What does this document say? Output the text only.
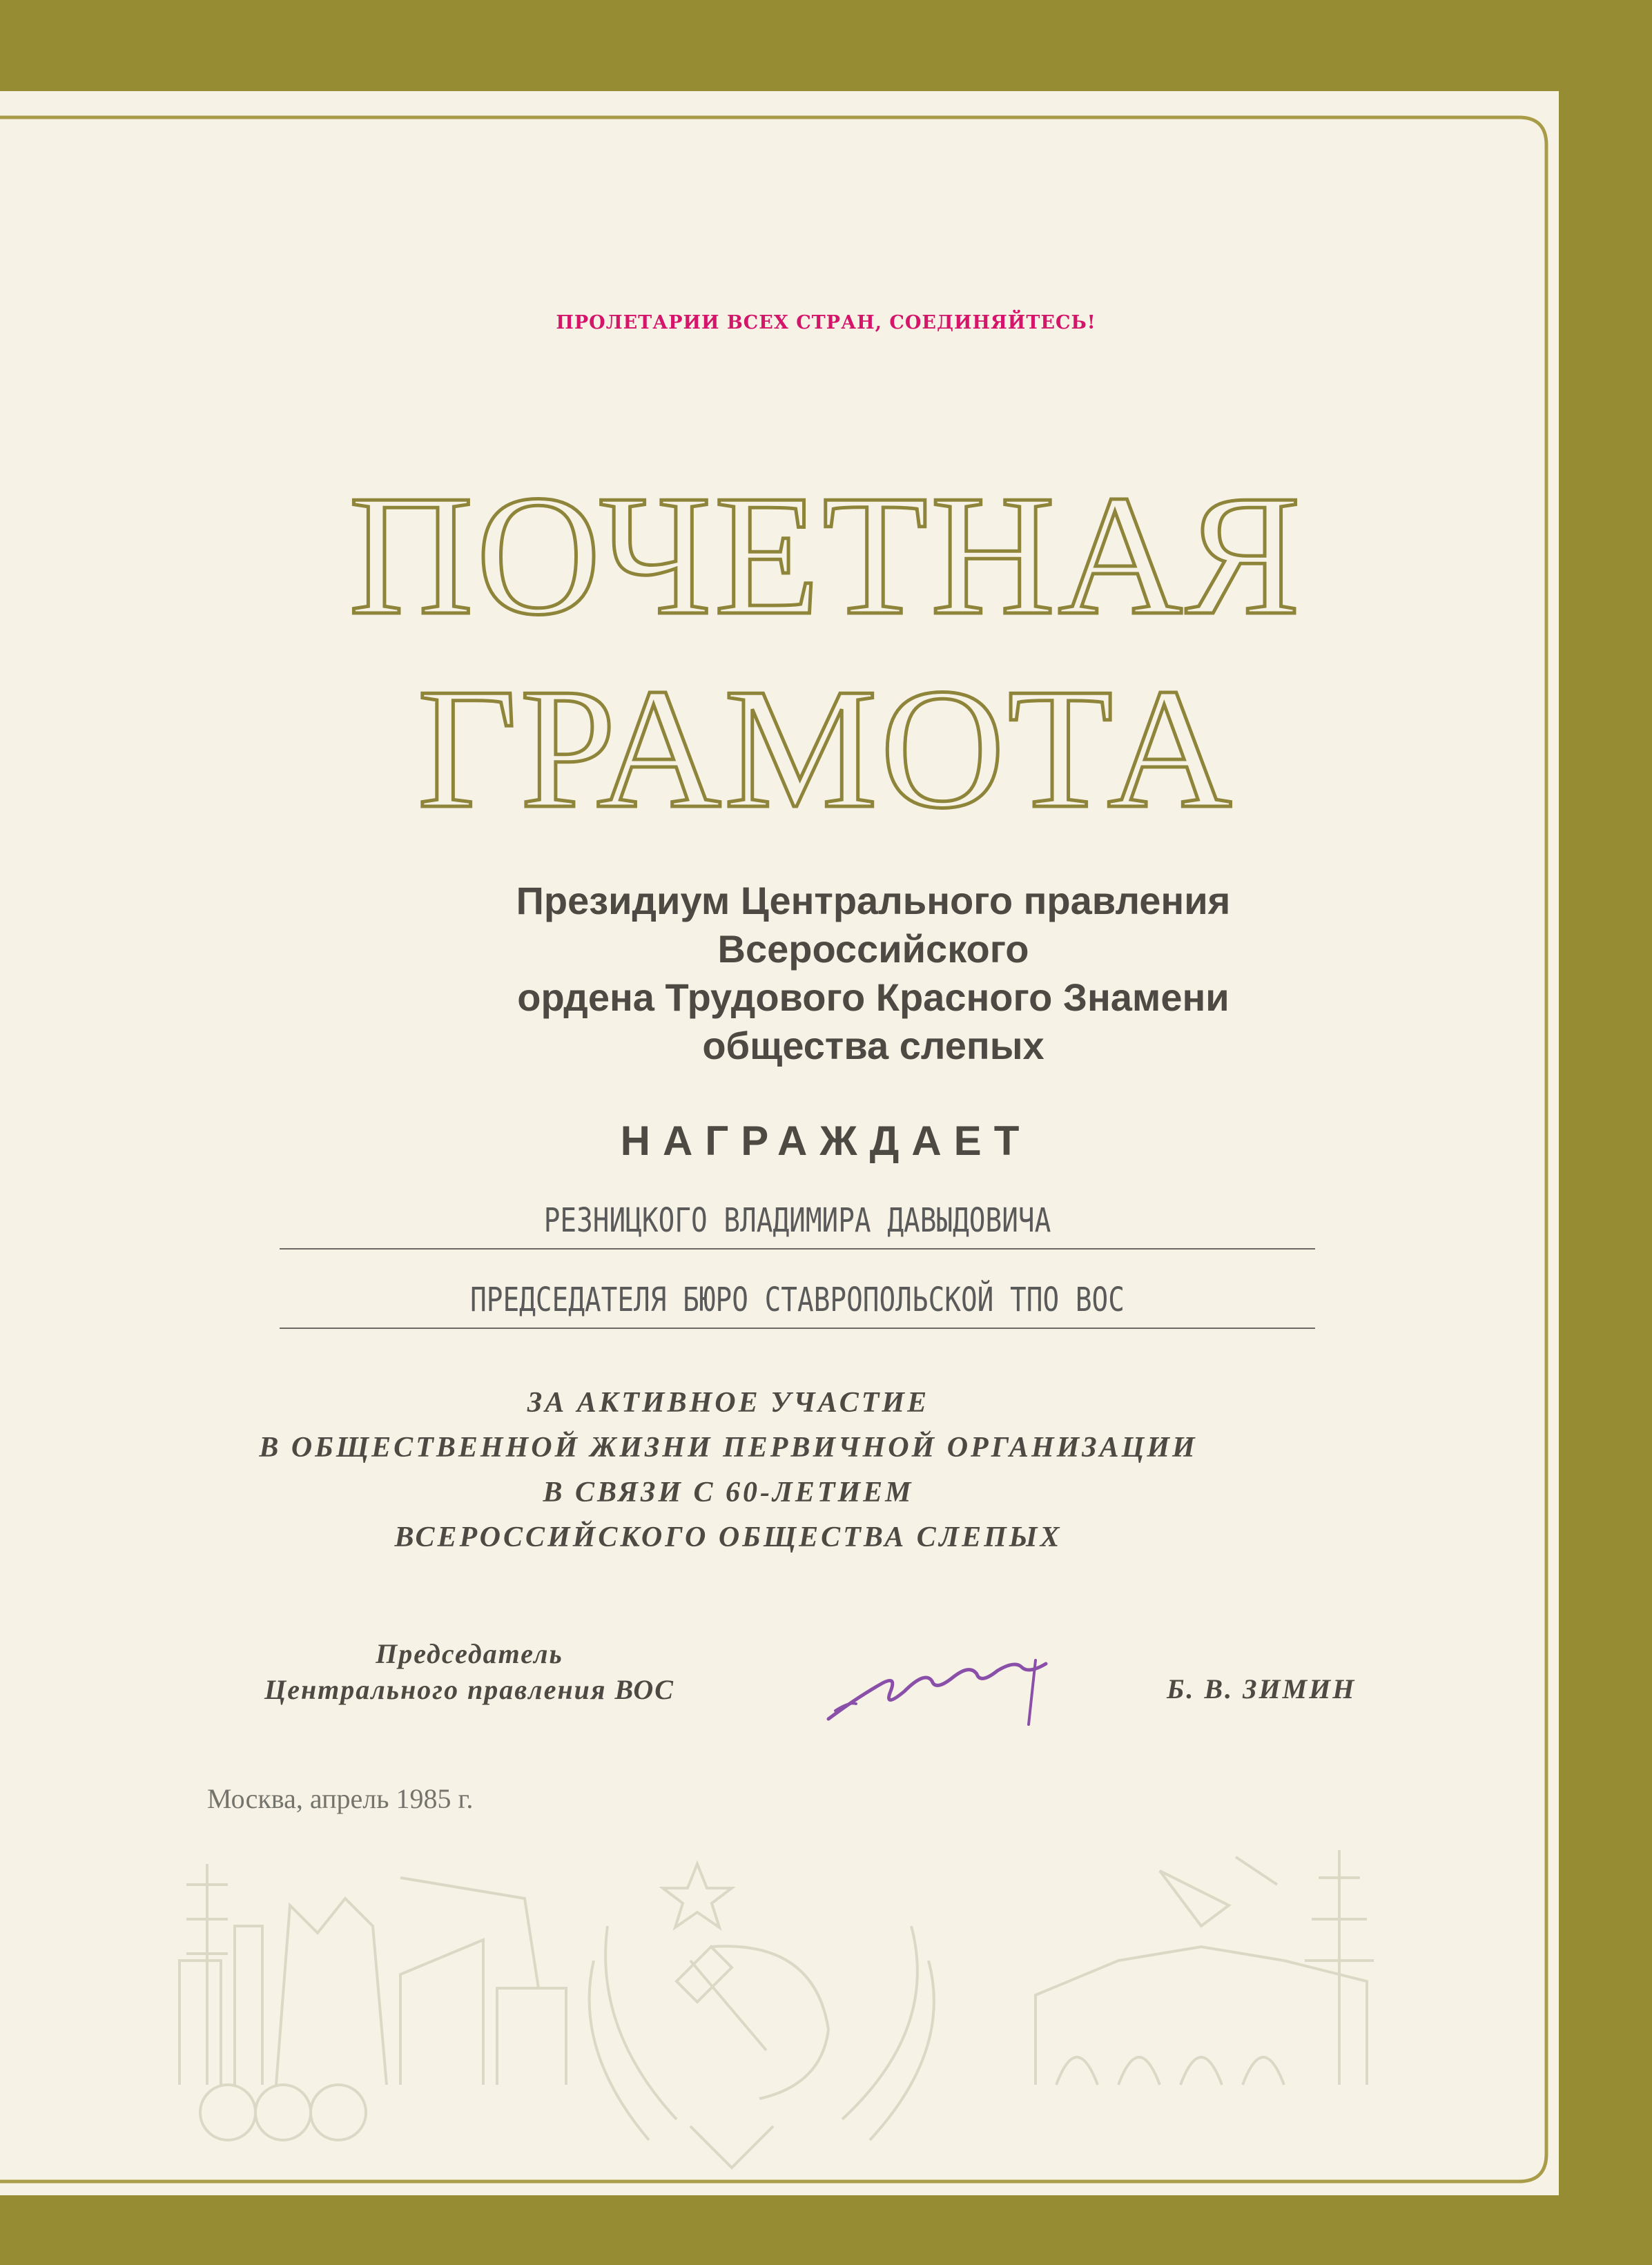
ПРОЛЕТАРИИ ВСЕХ СТРАН, СОЕДИНЯЙТЕСЬ!
ПОЧЕТНАЯ
ГРАМОТА
Президиум Центрального правления
Всероссийского
ордена Трудового Красного Знамени
общества слепых
НАГРАЖДАЕТ
РЕЗНИЦКОГО ВЛАДИМИРА ДАВЫДОВИЧА
ПРЕДСЕДАТЕЛЯ БЮРО СТАВРОПОЛЬСКОЙ ТПО ВОС
ЗА АКТИВНОЕ УЧАСТИЕ
В ОБЩЕСТВЕННОЙ ЖИЗНИ ПЕРВИЧНОЙ ОРГАНИЗАЦИИ
В СВЯЗИ С 60-ЛЕТИЕМ
ВСЕРОССИЙСКОГО ОБЩЕСТВА СЛЕПЫХ
Председатель
Центрального правления ВОС	Б. В. ЗИМИН
Москва, апрель 1985 г.
